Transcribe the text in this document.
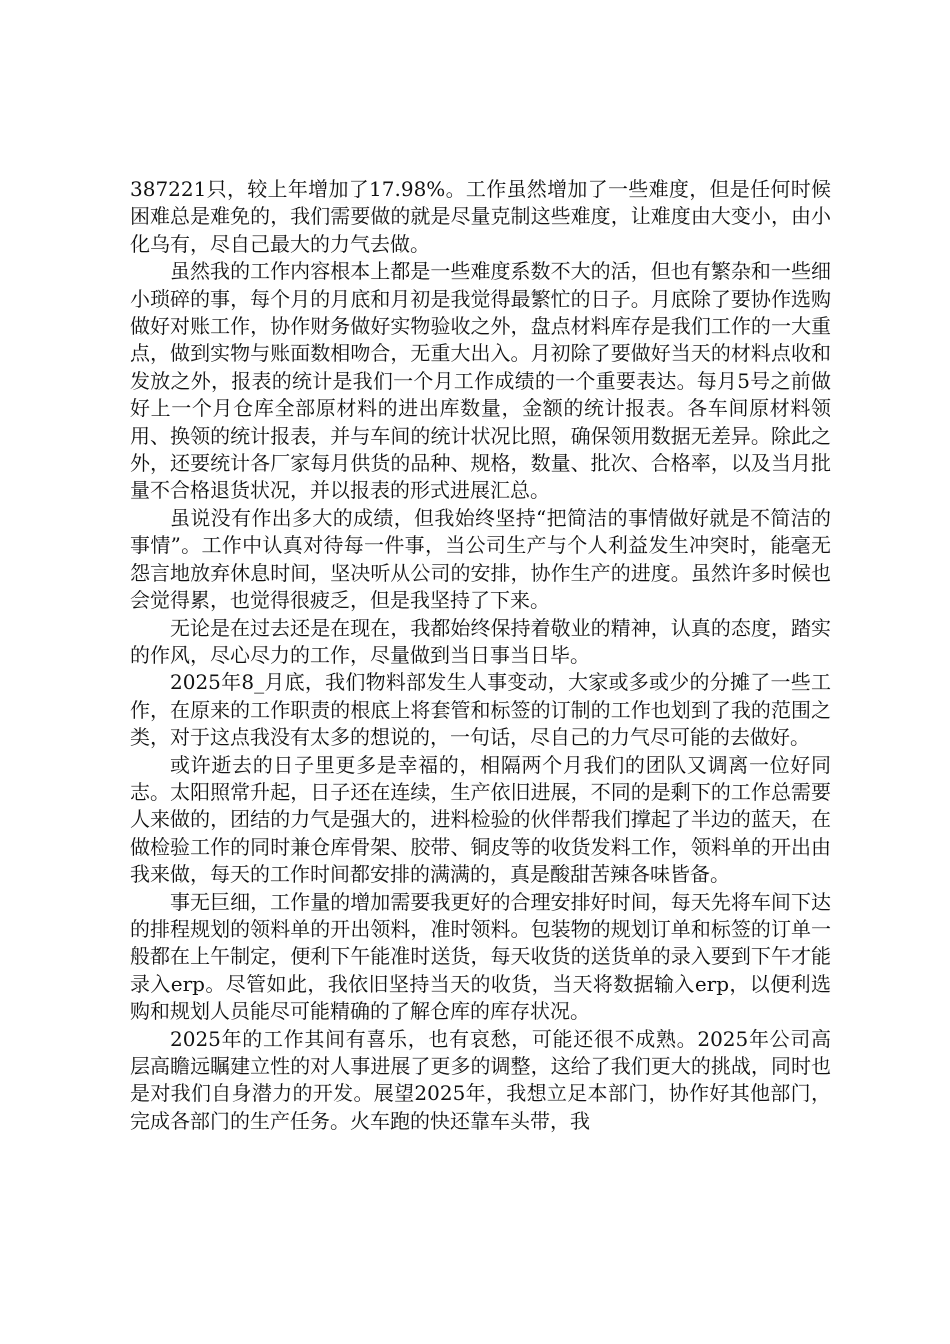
387221只，较上年增加了17.98%。工作虽然增加了一些难度，但是任何时候困难总是难免的，我们需要做的就是尽量克制这些难度，让难度由大变小，由小化乌有，尽自己最大的力气去做。

虽然我的工作内容根本上都是一些难度系数不大的活，但也有繁杂和一些细小琐碎的事，每个月的月底和月初是我觉得最繁忙的日子。月底除了要协作选购做好对账工作，协作财务做好实物验收之外，盘点材料库存是我们工作的一大重点，做到实物与账面数相吻合，无重大出入。月初除了要做好当天的材料点收和发放之外，报表的统计是我们一个月工作成绩的一个重要表达。每月5号之前做好上一个月仓库全部原材料的进出库数量，金额的统计报表。各车间原材料领用、换领的统计报表，并与车间的统计状况比照，确保领用数据无差异。除此之外，还要统计各厂家每月供货的品种、规格，数量、批次、合格率，以及当月批量不合格退货状况，并以报表的形式进展汇总。

虽说没有作出多大的成绩，但我始终坚持“把简洁的事情做好就是不简洁的事情”。工作中认真对待每一件事，当公司生产与个人利益发生冲突时，能毫无怨言地放弃休息时间，坚决听从公司的安排，协作生产的进度。虽然许多时候也会觉得累，也觉得很疲乏，但是我坚持了下来。

无论是在过去还是在现在，我都始终保持着敬业的精神，认真的态度，踏实的作风，尽心尽力的工作，尽量做到当日事当日毕。

2025年8_月底，我们物料部发生人事变动，大家或多或少的分摊了一些工作，在原来的工作职责的根底上将套管和标签的订制的工作也划到了我的范围之类，对于这点我没有太多的想说的，一句话，尽自己的力气尽可能的去做好。

或许逝去的日子里更多是幸福的，相隔两个月我们的团队又调离一位好同志。太阳照常升起，日子还在连续，生产依旧进展，不同的是剩下的工作总需要人来做的，团结的力气是强大的，进料检验的伙伴帮我们撑起了半边的蓝天，在做检验工作的同时兼仓库骨架、胶带、铜皮等的收货发料工作，领料单的开出由我来做，每天的工作时间都安排的满满的，真是酸甜苦辣各味皆备。

事无巨细，工作量的增加需要我更好的合理安排好时间，每天先将车间下达的排程规划的领料单的开出领料，准时领料。包装物的规划订单和标签的订单一般都在上午制定，便利下午能准时送货，每天收货的送货单的录入要到下午才能录入erp。尽管如此，我依旧坚持当天的收货，当天将数据输入erp，以便利选购和规划人员能尽可能精确的了解仓库的库存状况。

2025年的工作其间有喜乐，也有哀愁，可能还很不成熟。2025年公司高层高瞻远瞩建立性的对人事进展了更多的调整，这给了我们更大的挑战，同时也是对我们自身潜力的开发。展望2025年，我想立足本部门，协作好其他部门，完成各部门的生产任务。火车跑的快还靠车头带，我
